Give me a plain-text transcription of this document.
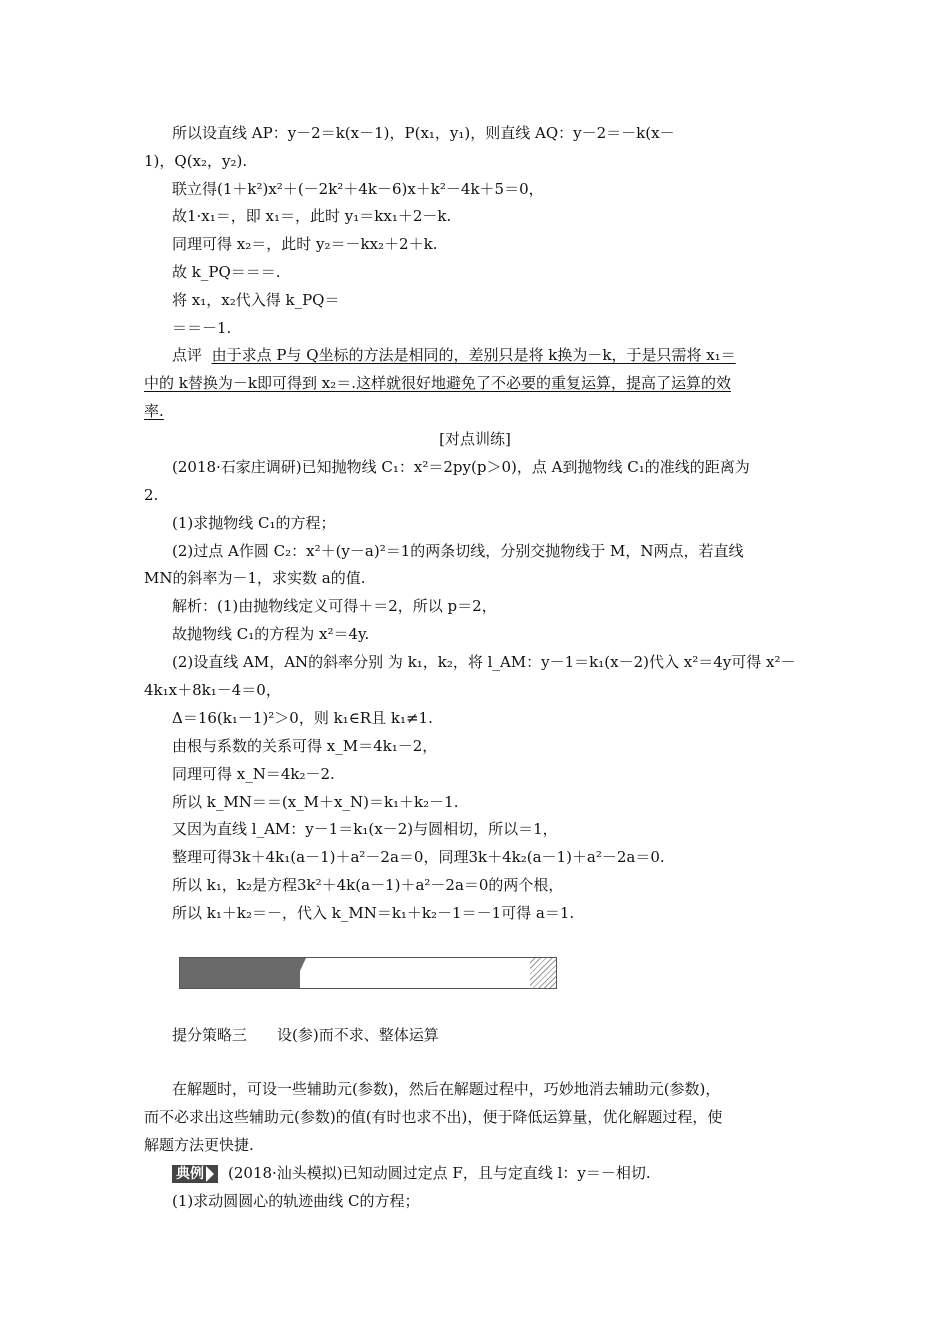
所以设直线 AP：y－2＝k(x－1)，P(x₁，y₁)，则直线 AQ：y－2＝－k(x－
1)，Q(x₂，y₂).
联立得(1＋k²)x²＋(－2k²＋4k－6)x＋k²－4k＋5＝0，
故1·x₁＝，即 x₁＝，此时 y₁＝kx₁＋2－k.
同理可得 x₂＝，此时 y₂＝－kx₂＋2＋k.
故 k_PQ＝＝＝.
将 x₁，x₂代入得 k_PQ＝
＝＝－1.
点评 由于求点 P与 Q坐标的方法是相同的，差别只是将 k换为－k，于是只需将 x₁＝
中的 k替换为－k即可得到 x₂＝.这样就很好地避免了不必要的重复运算，提高了运算的效
率.
[对点训练]
(2018·石家庄调研)已知抛物线 C₁：x²＝2py(p＞0)，点 A到抛物线 C₁的准线的距离为
2.
(1)求抛物线 C₁的方程；
(2)过点 A作圆 C₂：x²＋(y－a)²＝1的两条切线，分别交抛物线于 M，N两点，若直线
MN的斜率为－1，求实数 a的值.
解析：(1)由抛物线定义可得＋＝2，所以 p＝2，
故抛物线 C₁的方程为 x²＝4y.
(2)设直线 AM，AN的斜率分别 为 k₁，k₂，将 l_AM：y－1＝k₁(x－2)代入 x²＝4y可得 x²－
4k₁x＋8k₁－4＝0，
Δ＝16(k₁－1)²＞0，则 k₁∈R且 k₁≠1.
由根与系数的关系可得 x_M＝4k₁－2，
同理可得 x_N＝4k₂－2.
所以 k_MN＝＝(x_M＋x_N)＝k₁＋k₂－1.
又因为直线 l_AM：y－1＝k₁(x－2)与圆相切，所以＝1，
整理可得3k＋4k₁(a－1)＋a²－2a＝0，同理3k＋4k₂(a－1)＋a²－2a＝0.
所以 k₁，k₂是方程3k²＋4k(a－1)＋a²－2a＝0的两个根，
所以 k₁＋k₂＝－，代入 k_MN＝k₁＋k₂－1＝－1可得 a＝1.
提分策略三　　设(参)而不求、整体运算
在解题时，可设一些辅助元(参数)，然后在解题过程中，巧妙地消去辅助元(参数)，
而不必求出这些辅助元(参数)的值(有时也求不出)，便于降低运算量，优化解题过程，使
解题方法更快捷.
典例 (2018·汕头模拟)已知动圆过定点 F，且与定直线 l：y＝－相切.
(1)求动圆圆心的轨迹曲线 C的方程；
